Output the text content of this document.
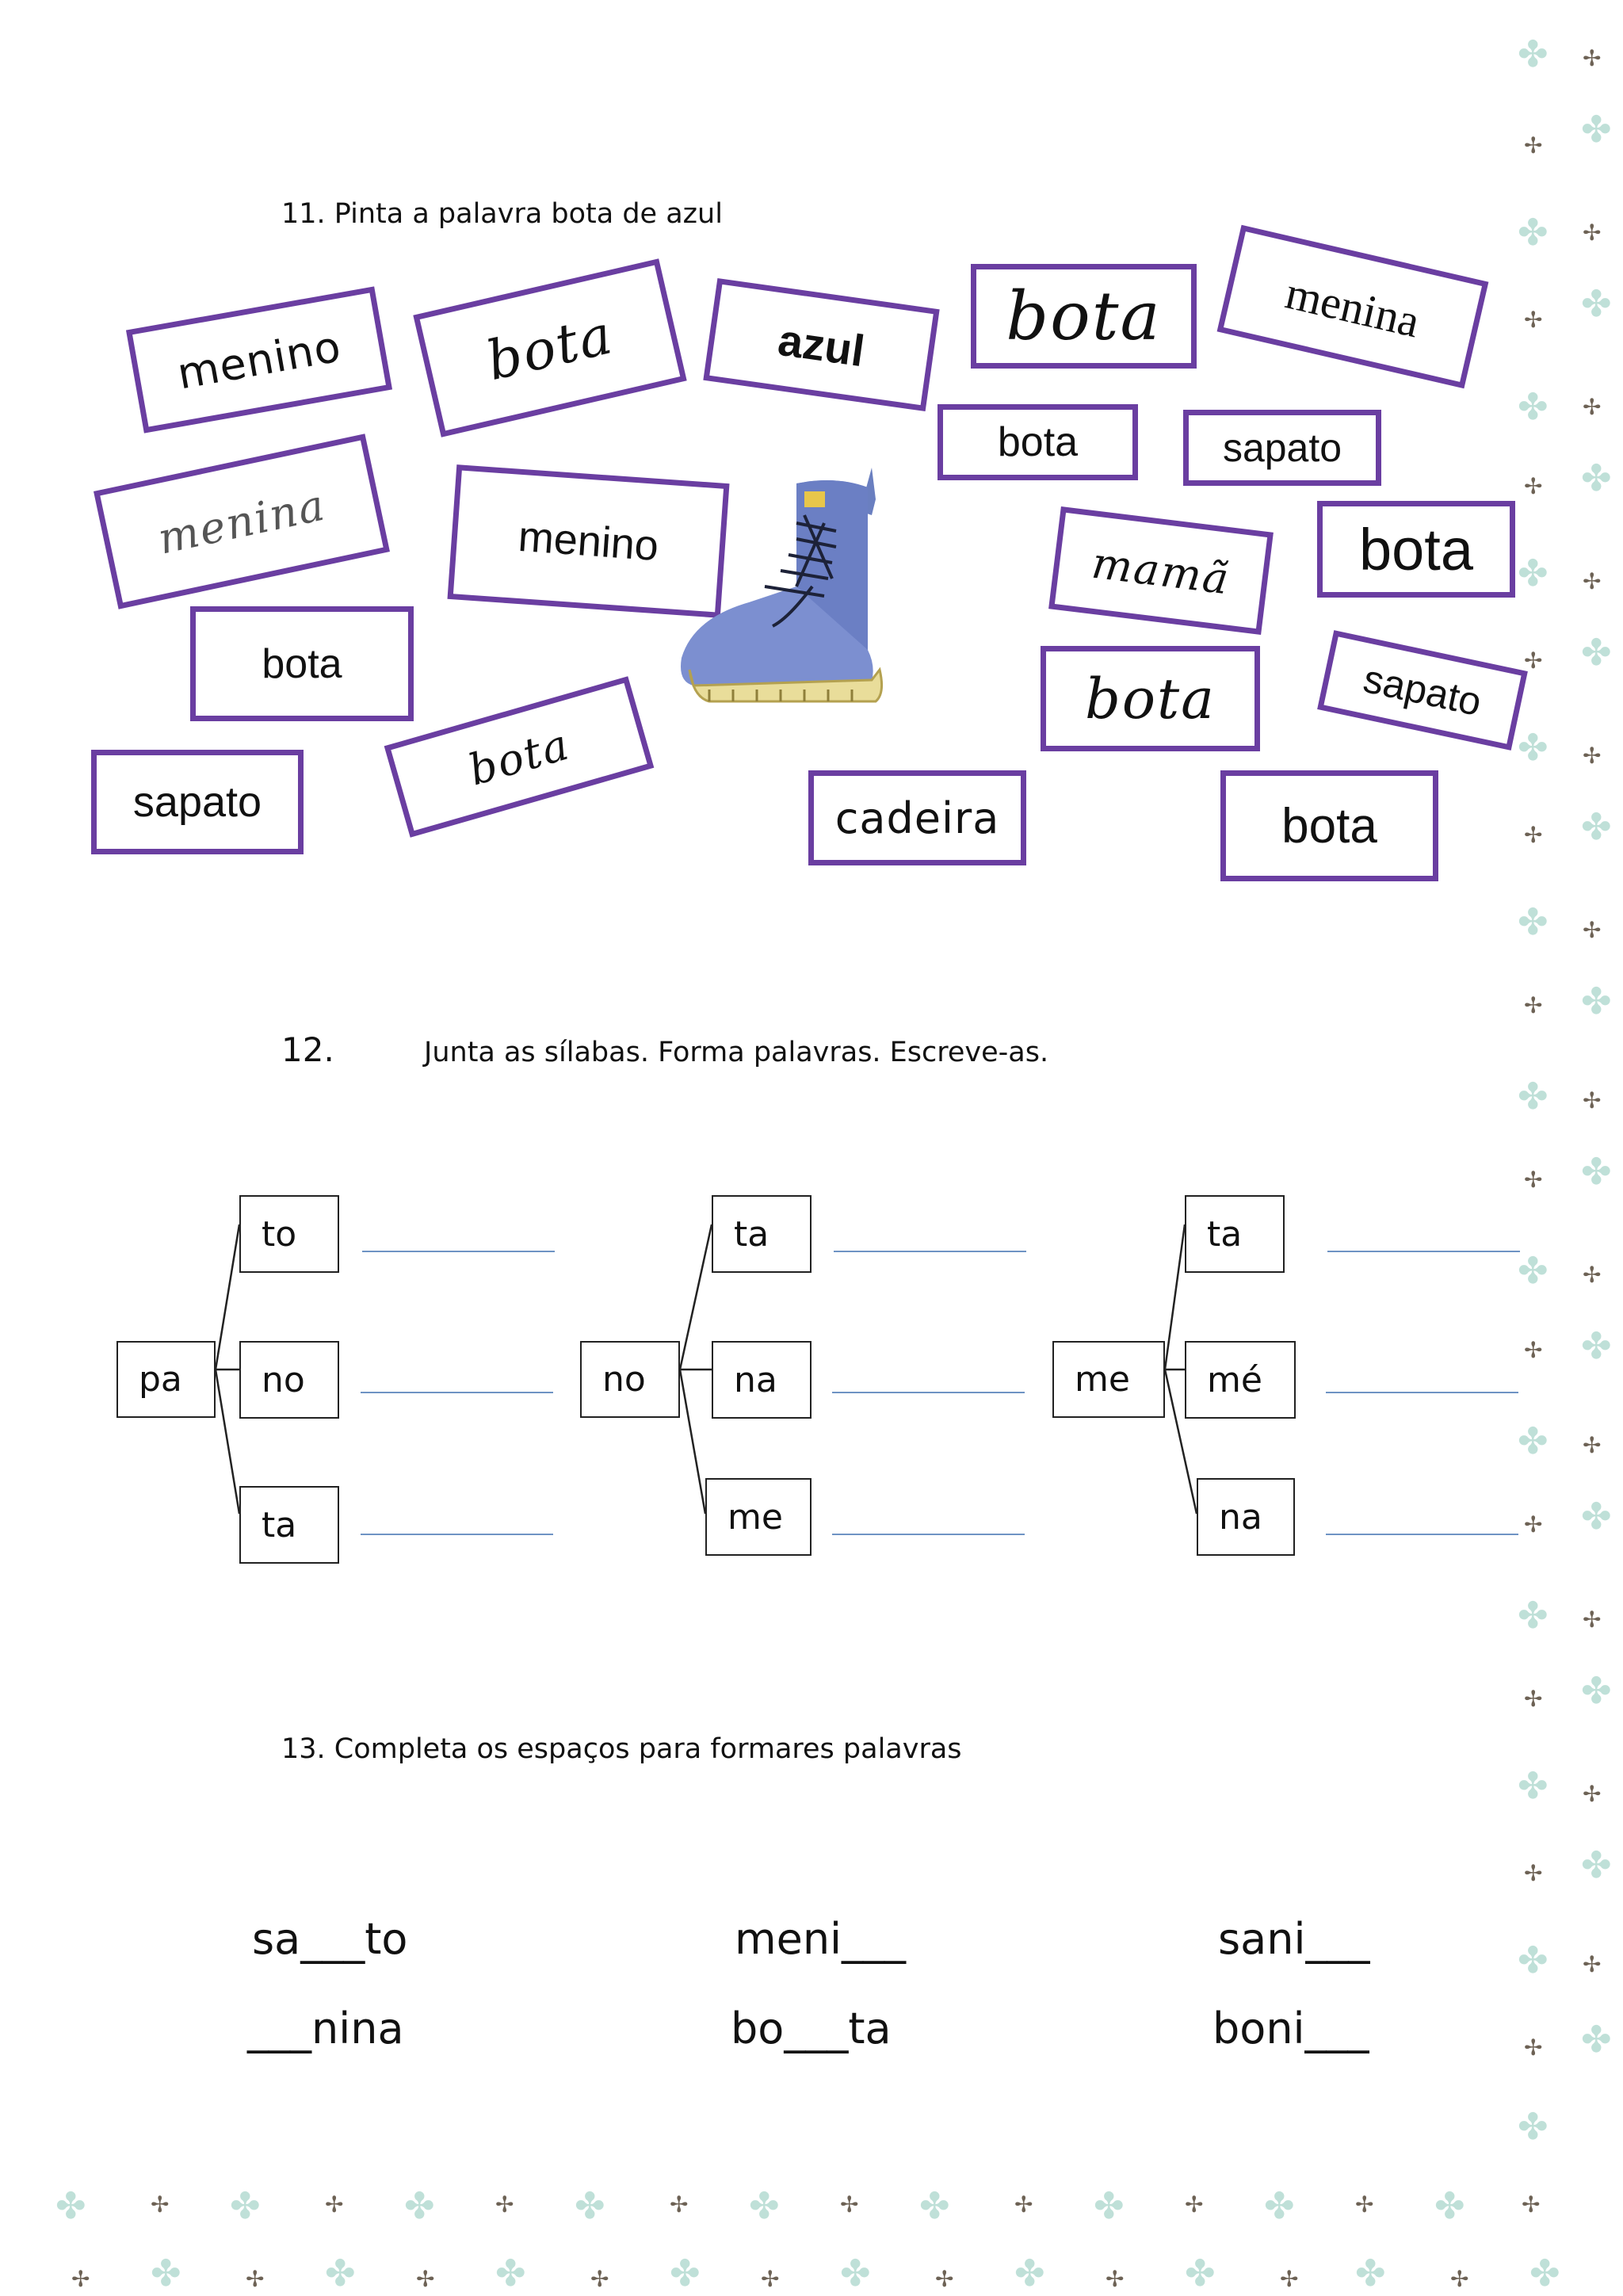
✤ ✢
✢ ✤
✤ ✢
✢ ✤
✤ ✢
✢ ✤
✤ ✢
✢ ✤
✤ ✢
✢ ✤
✤ ✢
✢ ✤
✤ ✢
✢ ✤
✤ ✢
✢ ✤
✤ ✢
✢ ✤
✤ ✢
✢ ✤
✤ ✢
✢ ✤
✤ ✢
✢ ✤
✤
✤	✢ ✤	✢ ✤	✢ ✤	✢ ✤	✢ ✤	✢ ✤	✢ ✤	✢ ✤	✢
✢ ✤	✢ ✤	✢ ✤	✢ ✤	✢ ✤	✢ ✤	✢ ✤	✢ ✤	✢ ✤
11. Pinta a palavra bota de azul
menino	bota	azul	bota	menina
bota	sapato
menina	menino	mamã	bota
bota
bota	sapato
sapato
bota
cadeira	bota
12.	Junta as sílabas. Forma palavras. Escreve-as.
pa
to
no
ta
no
ta
na
me
me
ta
mé
na
13. Completa os espaços para formares palavras
sa___to	meni___	sani___
___nina	bo___ta	boni___
